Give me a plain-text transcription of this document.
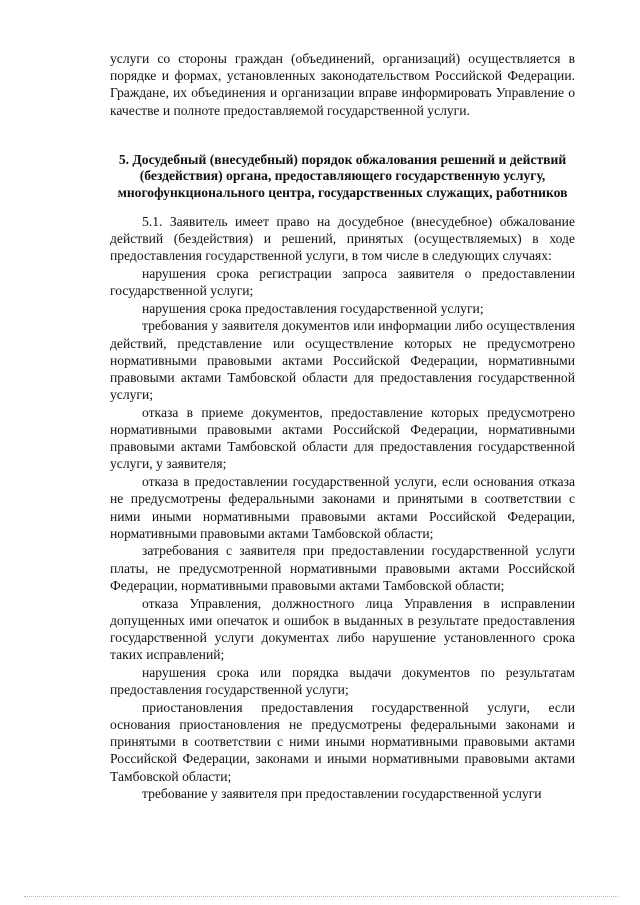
услуги со стороны граждан (объединений, организаций) осуществляется в порядке и формах, установленных законодательством Российской Федерации. Граждане, их объединения и организации вправе информировать Управление о качестве и полноте предоставляемой государственной услуги.

5. Досудебный (внесудебный) порядок обжалования решений и действий (бездействия) органа, предоставляющего государственную услугу, многофункционального центра, государственных служащих, работников

5.1. Заявитель имеет право на досудебное (внесудебное) обжалование действий (бездействия) и решений, принятых (осуществляемых) в ходе предоставления государственной услуги, в том числе в следующих случаях:

нарушения срока регистрации запроса заявителя о предоставлении государственной услуги;

нарушения срока предоставления государственной услуги;

требования у заявителя документов или информации либо осуществления действий, представление или осуществление которых не предусмотрено нормативными правовыми актами Российской Федерации, нормативными правовыми актами Тамбовской области для предоставления государственной услуги;

отказа в приеме документов, предоставление которых предусмотрено нормативными правовыми актами Российской Федерации, нормативными правовыми актами Тамбовской области для предоставления государственной услуги, у заявителя;

отказа в предоставлении государственной услуги, если основания отказа не предусмотрены федеральными законами и принятыми в соответствии с ними иными нормативными правовыми актами Российской Федерации, нормативными правовыми актами Тамбовской области;

затребования с заявителя при предоставлении государственной услуги платы, не предусмотренной нормативными правовыми актами Российской Федерации, нормативными правовыми актами Тамбовской области;

отказа Управления, должностного лица Управления в исправлении допущенных ими опечаток и ошибок в выданных в результате предоставления государственной услуги документах либо нарушение установленного срока таких исправлений;

нарушения срока или порядка выдачи документов по результатам предоставления государственной услуги;

приостановления предоставления государственной услуги, если основания приостановления не предусмотрены федеральными законами и принятыми в соответствии с ними иными нормативными правовыми актами Российской Федерации, законами и иными нормативными правовыми актами Тамбовской области;

требование у заявителя при предоставлении государственной услуги
